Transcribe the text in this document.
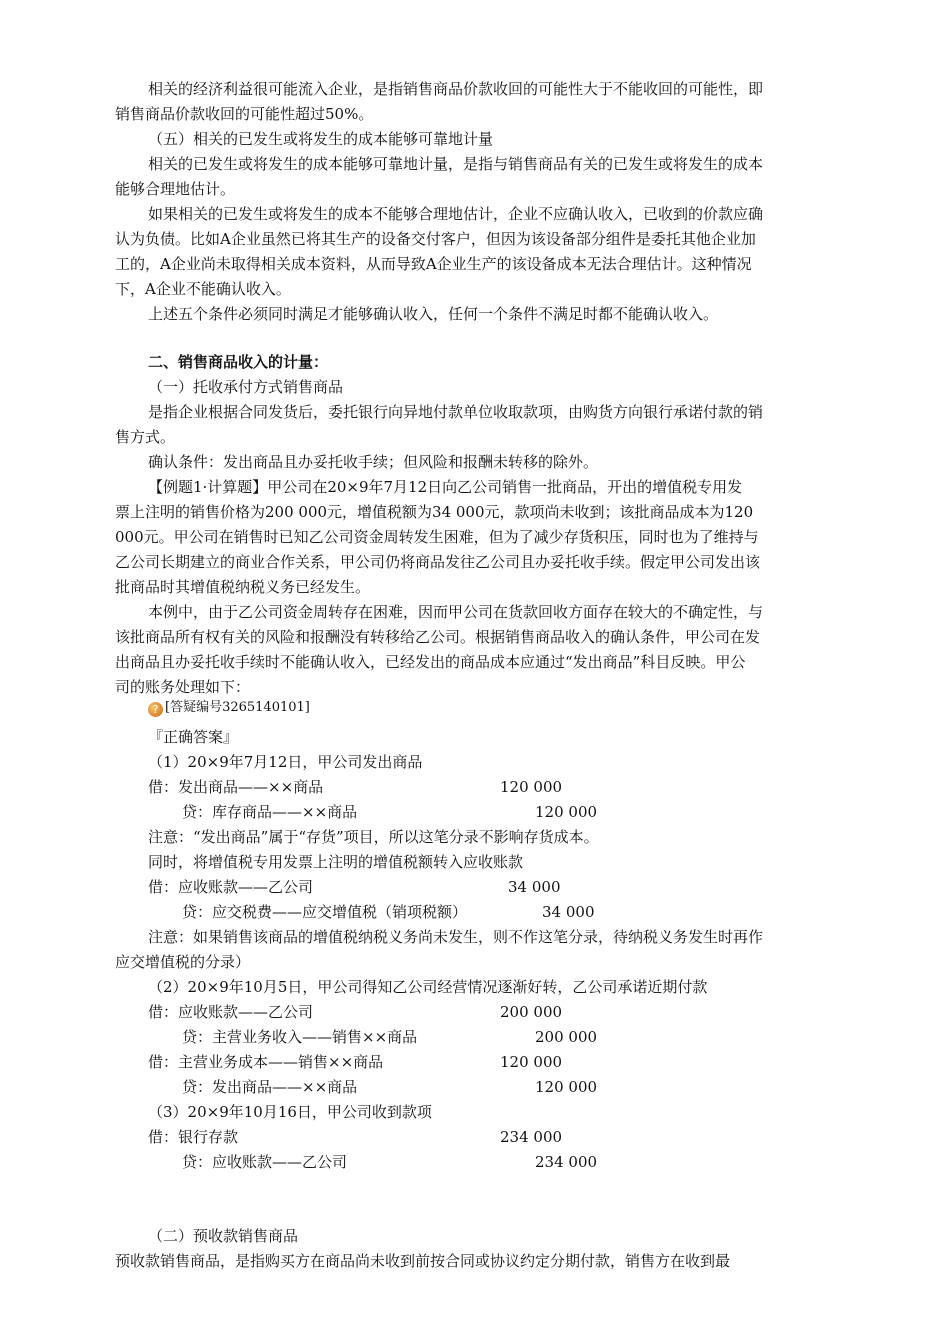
相关的经济利益很可能流入企业，是指销售商品价款收回的可能性大于不能收回的可能性，即
销售商品价款收回的可能性超过50%。
（五）相关的已发生或将发生的成本能够可靠地计量
相关的已发生或将发生的成本能够可靠地计量，是指与销售商品有关的已发生或将发生的成本
能够合理地估计。
如果相关的已发生或将发生的成本不能够合理地估计，企业不应确认收入，已收到的价款应确
认为负债。比如A企业虽然已将其生产的设备交付客户，但因为该设备部分组件是委托其他企业加
工的，A企业尚未取得相关成本资料，从而导致A企业生产的该设备成本无法合理估计。这种情况
下，A企业不能确认收入。
上述五个条件必须同时满足才能够确认收入，任何一个条件不满足时都不能确认收入。
二、销售商品收入的计量：
（一）托收承付方式销售商品
是指企业根据合同发货后，委托银行向异地付款单位收取款项，由购货方向银行承诺付款的销
售方式。
确认条件：发出商品且办妥托收手续；但风险和报酬未转移的除外。
【例题1·计算题】甲公司在20×9年7月12日向乙公司销售一批商品，开出的增值税专用发
票上注明的销售价格为200 000元，增值税额为34 000元，款项尚未收到；该批商品成本为120
000元。甲公司在销售时已知乙公司资金周转发生困难，但为了减少存货积压，同时也为了维持与
乙公司长期建立的商业合作关系，甲公司仍将商品发往乙公司且办妥托收手续。假定甲公司发出该
批商品时其增值税纳税义务已经发生。
本例中，由于乙公司资金周转存在困难，因而甲公司在货款回收方面存在较大的不确定性，与
该批商品所有权有关的风险和报酬没有转移给乙公司。根据销售商品收入的确认条件，甲公司在发
出商品且办妥托收手续时不能确认收入，已经发出的商品成本应通过“发出商品”科目反映。甲公
司的账务处理如下：
『正确答案』
（1）20×9年7月12日，甲公司发出商品
借：发出商品——××商品	120 000
贷：库存商品——××商品	120 000
注意：“发出商品”属于“存货”项目，所以这笔分录不影响存货成本。
同时，将增值税专用发票上注明的增值税额转入应收账款
借：应收账款——乙公司	34 000
贷：应交税费——应交增值税（销项税额）	34 000
注意：如果销售该商品的增值税纳税义务尚未发生，则不作这笔分录，待纳税义务发生时再作
应交增值税的分录）
（2）20×9年10月5日，甲公司得知乙公司经营情况逐渐好转，乙公司承诺近期付款
借：应收账款——乙公司	200 000
贷：主营业务收入——销售××商品	200 000
借：主营业务成本——销售××商品	120 000
贷：发出商品——××商品	120 000
（3）20×9年10月16日，甲公司收到款项
借：银行存款	234 000
贷：应收账款——乙公司	234 000
（二）预收款销售商品
预收款销售商品，是指购买方在商品尚未收到前按合同或协议约定分期付款，销售方在收到最
? [答疑编号3265140101]
